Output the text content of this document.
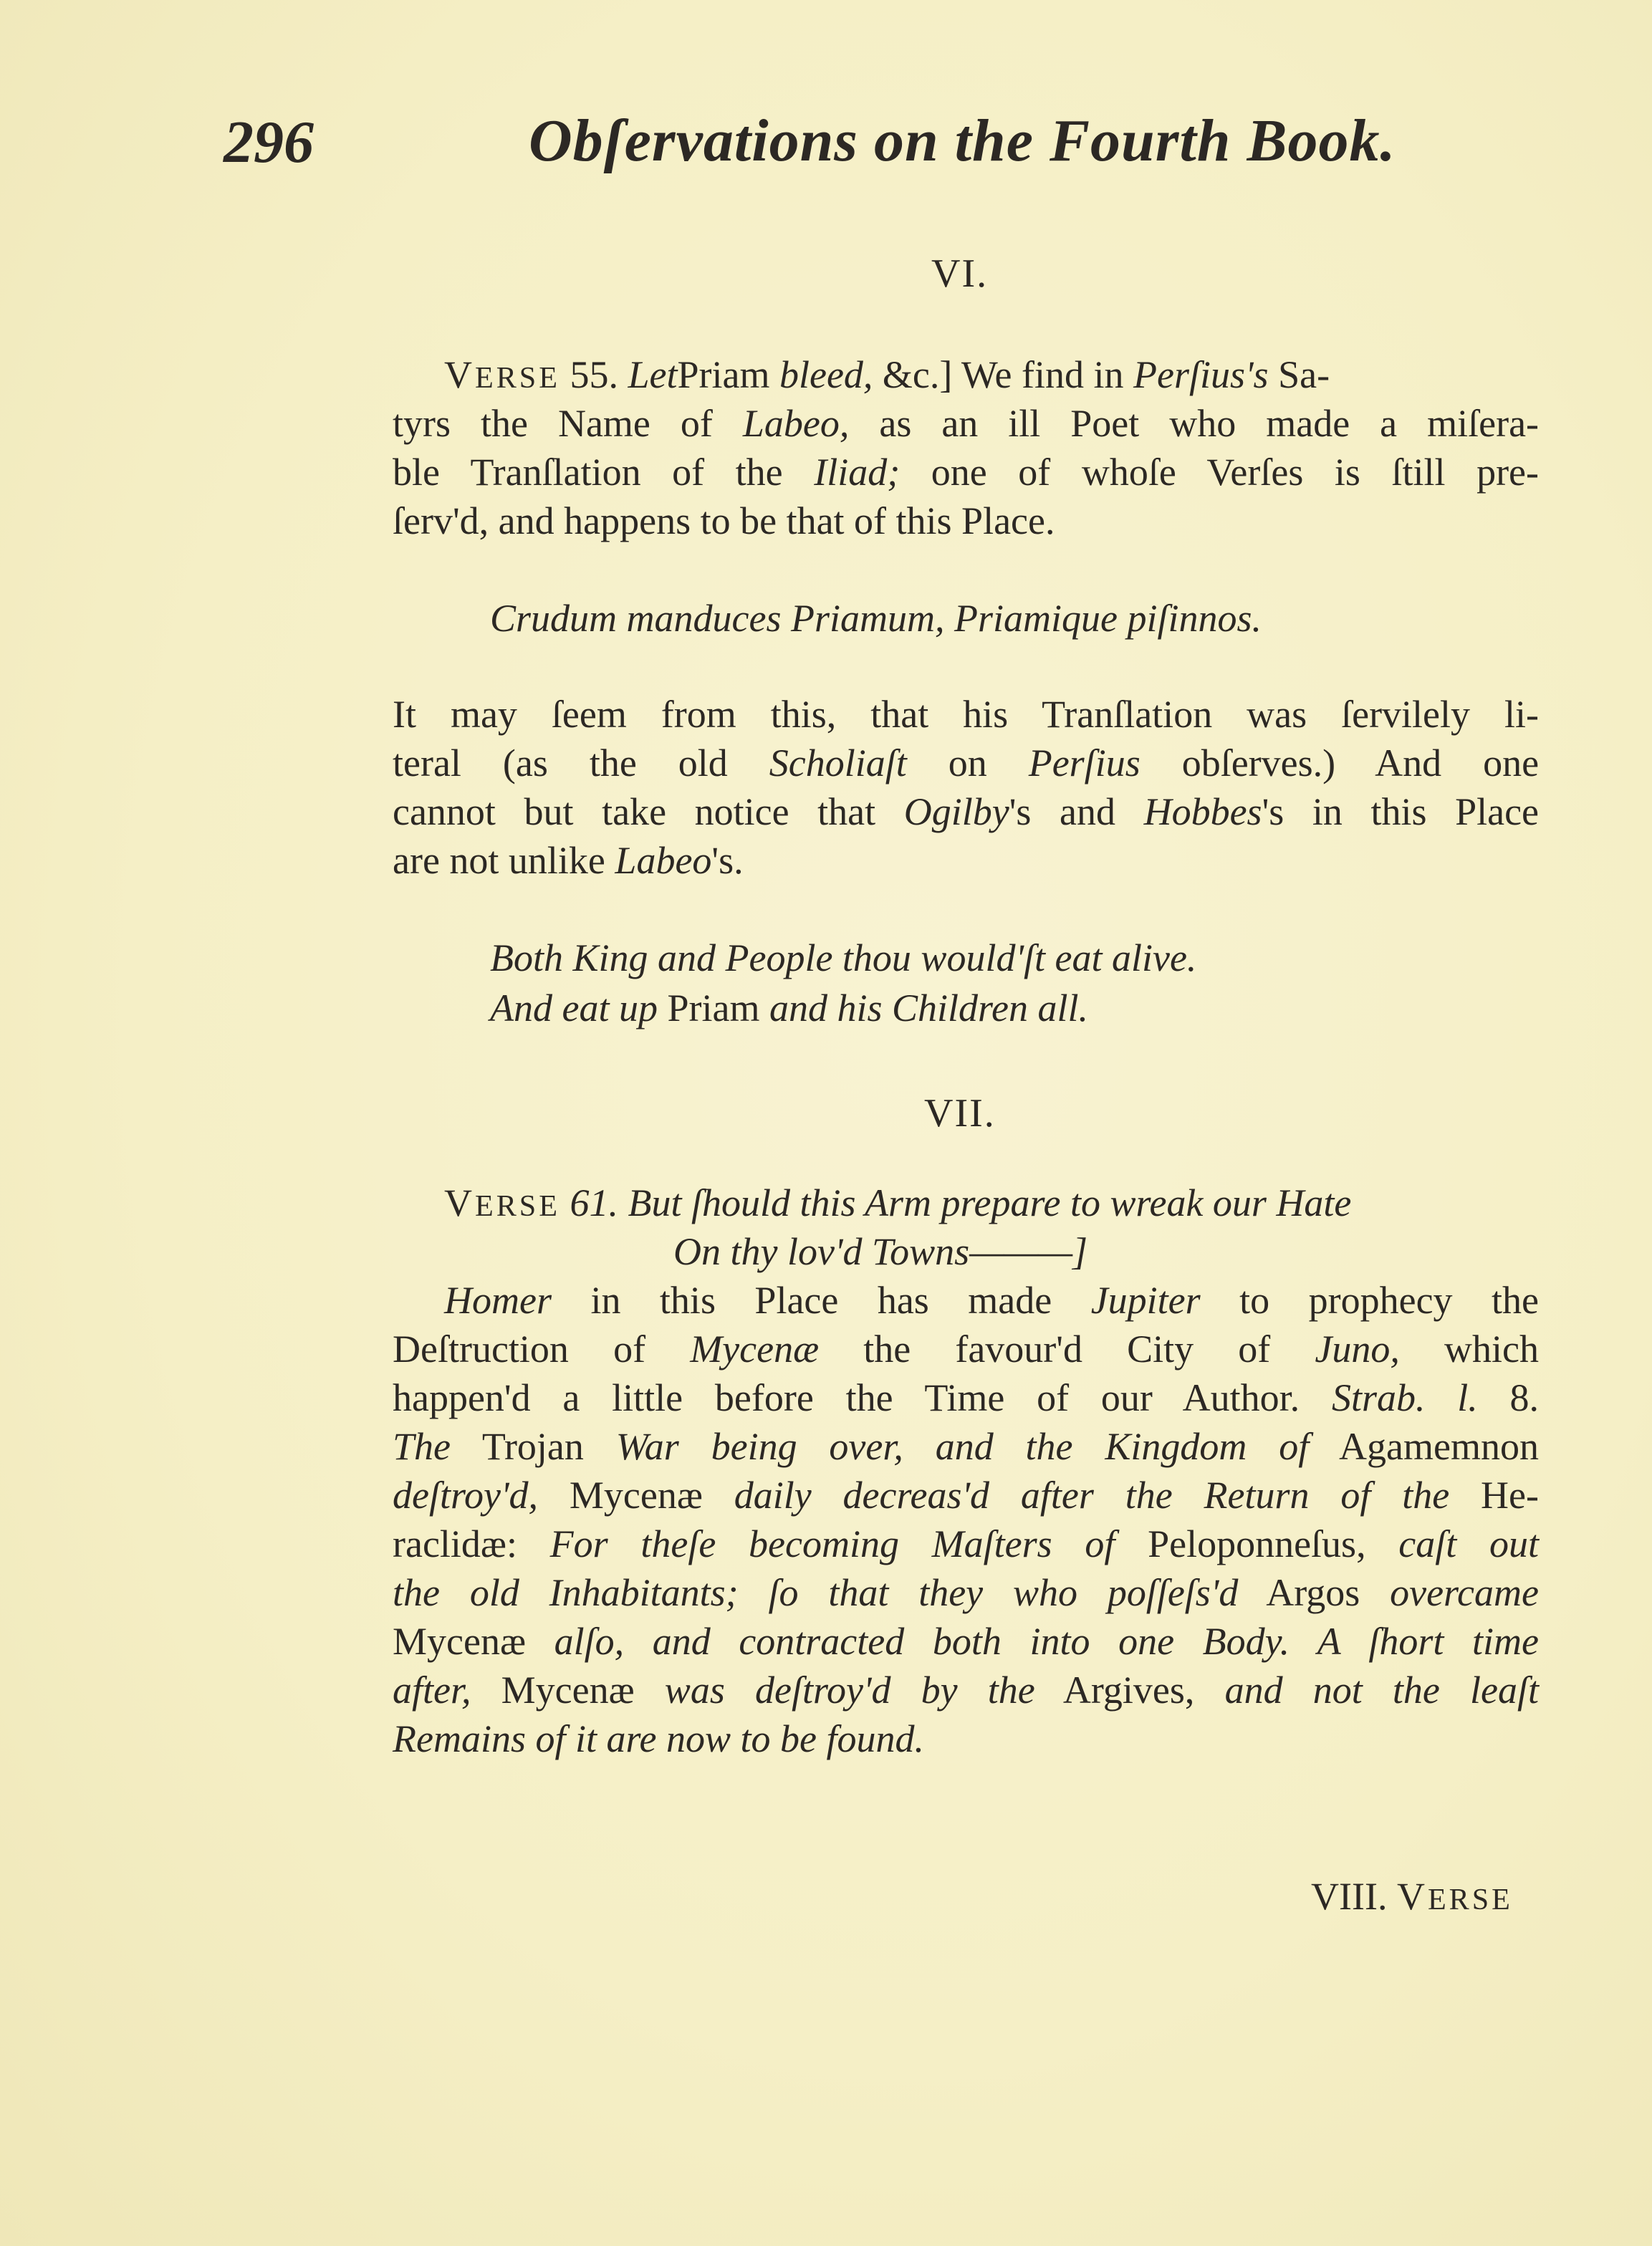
296	Obſervations on the Fourth Book.
VI.
VERSE 55. LetPriam bleed, &c.] We find in Perſius's Sa-
tyrs the Name of Labeo, as an ill Poet who made a miſera-
ble Tranſlation of the Iliad; one of whoſe Verſes is ſtill pre-
ſerv'd, and happens to be that of this Place.
Crudum manduces Priamum, Priamique piſinnos.
It may ſeem from this, that his Tranſlation was ſervilely li-
teral (as the old Scholiaſt on Perſius obſerves.) And one
cannot but take notice that Ogilby's and Hobbes's in this Place
are not unlike Labeo's.
Both King and People thou would'ſt eat alive.
And eat up Priam and his Children all.
VII.
VERSE 61. But ſhould this Arm prepare to wreak our Hate
On thy lov'd Towns———]
Homer in this Place has made Jupiter to prophecy the
Deſtruction of Mycenæ the favour'd City of Juno, which
happen'd a little before the Time of our Author. Strab. l. 8.
The Trojan War being over, and the Kingdom of Agamemnon
deſtroy'd, Mycenæ daily decreas'd after the Return of the He-
raclidæ: For theſe becoming Maſters of Peloponneſus, caſt out
the old Inhabitants; ſo that they who poſſeſs'd Argos overcame
Mycenæ alſo, and contracted both into one Body. A ſhort time
after, Mycenæ was deſtroy'd by the Argives, and not the leaſt
Remains of it are now to be found.
VIII. VERSE
